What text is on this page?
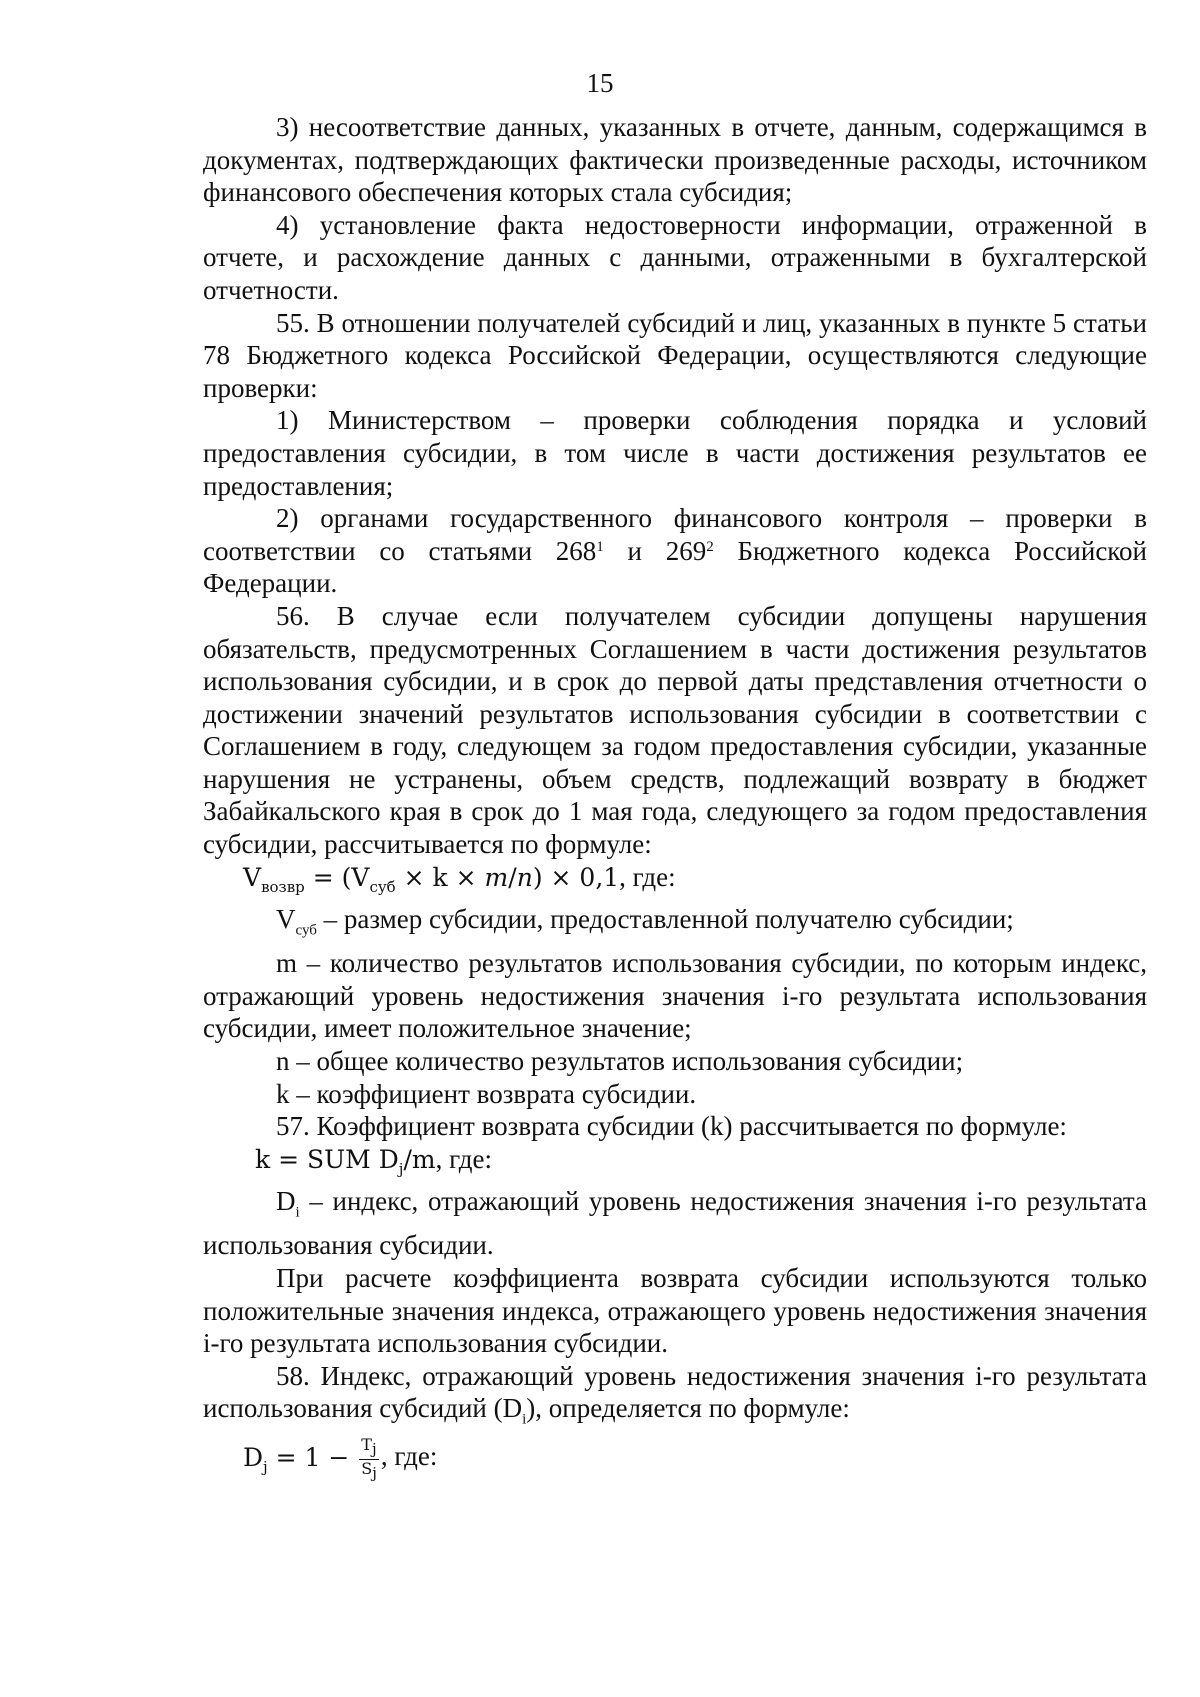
15

3) несоответствие данных, указанных в отчете, данным, содержащимся в документах, подтверждающих фактически произведенные расходы, источником финансового обеспечения которых стала субсидия;

4) установление факта недостоверности информации, отраженной в отчете, и расхождение данных с данными, отраженными в бухгалтерской отчетности.

55. В отношении получателей субсидий и лиц, указанных в пункте 5 статьи 78 Бюджетного кодекса Российской Федерации, осуществляются следующие проверки:

1) Министерством – проверки соблюдения порядка и условий предоставления субсидии, в том числе в части достижения результатов ее предоставления;

2) органами государственного финансового контроля – проверки в соответствии со статьями $268^1$ и $269^2$ Бюджетного кодекса Российской Федерации.

56. В случае если получателем субсидии допущены нарушения обязательств, предусмотренных Соглашением в части достижения результатов использования субсидии, и в срок до первой даты представления отчетности о достижении значений результатов использования субсидии в соответствии с Соглашением в году, следующем за годом предоставления субсидии, указанные нарушения не устранены, объем средств, подлежащий возврату в бюджет Забайкальского края в срок до 1 мая года, следующего за годом предоставления субсидии, рассчитывается по формуле:

$V_{возвр} = (V_{суб} \times k \times m/n) \times 0,1$, где:

$V_{суб}$ – размер субсидии, предоставленной получателю субсидии;

m – количество результатов использования субсидии, по которым индекс, отражающий уровень недостижения значения i-го результата использования субсидии, имеет положительное значение;

n – общее количество результатов использования субсидии;

k – коэффициент возврата субсидии.

57. Коэффициент возврата субсидии (k) рассчитывается по формуле:

k = SUM $D_j/m$, где:

$D_i$ – индекс, отражающий уровень недостижения значения i-го результата использования субсидии.

При расчете коэффициента возврата субсидии используются только положительные значения индекса, отражающего уровень недостижения значения i-го результата использования субсидии.

58. Индекс, отражающий уровень недостижения значения i-го результата использования субсидий $(D_i)$, определяется по формуле:

$D_j = 1 - \frac{T_j}{S_j}$ , где:
